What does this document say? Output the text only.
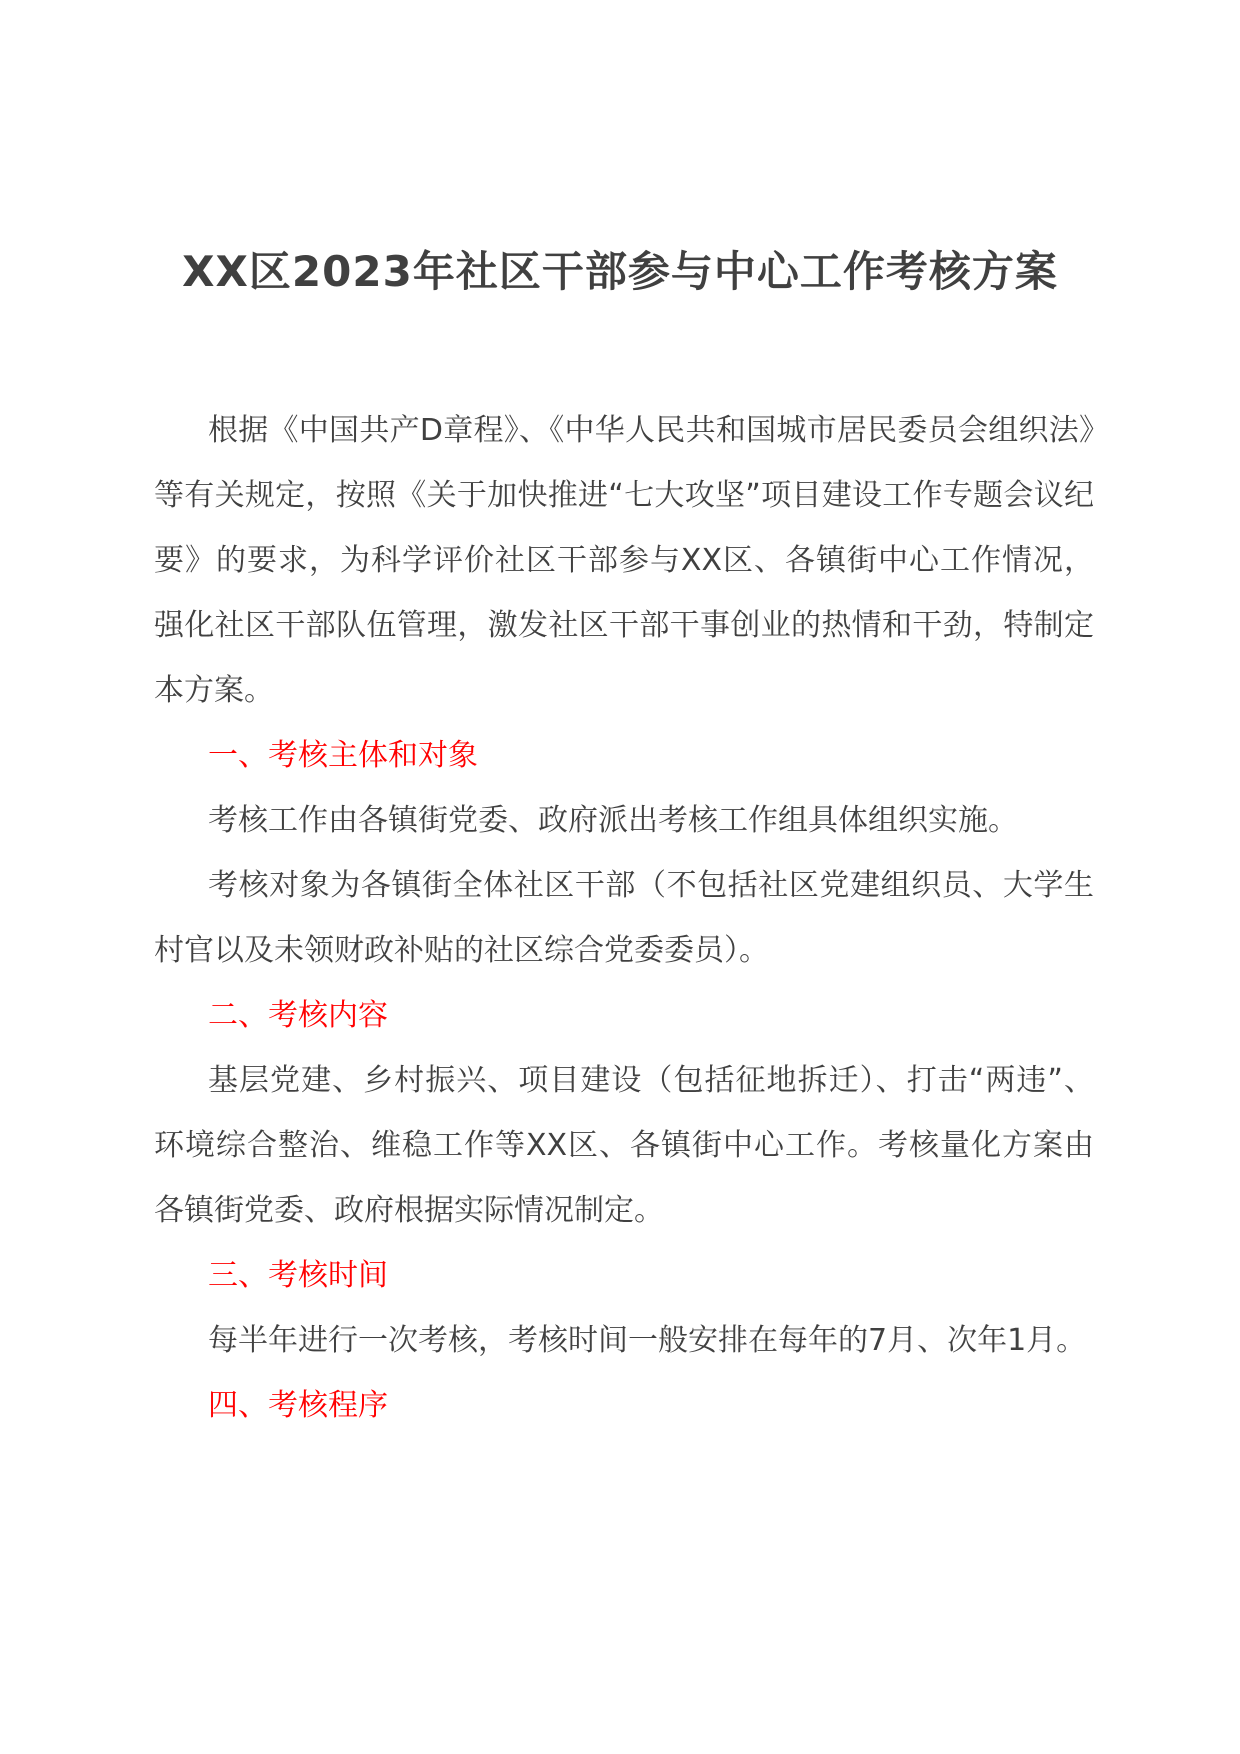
XX区2023年社区干部参与中心工作考核方案

根据《中国共产D章程》、《中华人民共和国城市居民委员会组织法》等有关规定，按照《关于加快推进“七大攻坚”项目建设工作专题会议纪要》的要求，为科学评价社区干部参与XX区、各镇街中心工作情况，强化社区干部队伍管理，激发社区干部干事创业的热情和干劲，特制定本方案。

一、考核主体和对象

考核工作由各镇街党委、政府派出考核工作组具体组织实施。

考核对象为各镇街全体社区干部（不包括社区党建组织员、大学生村官以及未领财政补贴的社区综合党委委员）。

二、考核内容

基层党建、乡村振兴、项目建设（包括征地拆迁）、打击“两违”、环境综合整治、维稳工作等XX区、各镇街中心工作。考核量化方案由各镇街党委、政府根据实际情况制定。

三、考核时间

每半年进行一次考核，考核时间一般安排在每年的7月、次年1月。

四、考核程序
